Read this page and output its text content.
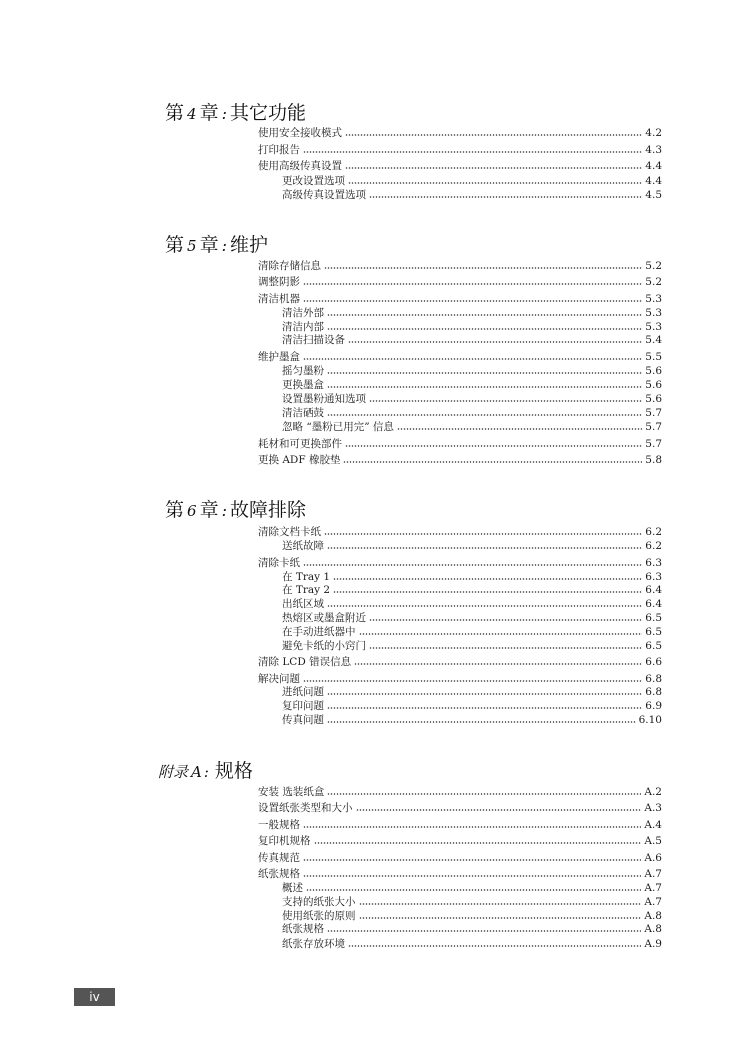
第 4 章 : 其它功能
使用安全接收模式	4.2
打印报告	4.3
使用高级传真设置	4.4
更改设置选项	4.4
高级传真设置选项	4.5
第 5 章 : 维护
清除存储信息	5.2
调整阴影	5.2
清洁机器	5.3
清洁外部	5.3
清洁内部	5.3
清洁扫描设备	5.4
维护墨盒	5.5
摇匀墨粉	5.6
更换墨盒	5.6
设置墨粉通知选项	5.6
清洁硒鼓	5.7
忽略 “墨粉已用完” 信息	5.7
耗材和可更换部件	5.7
更换 ADF 橡胶垫	5.8
第 6 章 : 故障排除
清除文档卡纸	6.2
送纸故障	6.2
清除卡纸	6.3
在 Tray 1	6.3
在 Tray 2	6.4
出纸区域	6.4
热熔区或墨盒附近	6.5
在手动进纸器中	6.5
避免卡纸的小窍门	6.5
清除 LCD 错误信息	6.6
解决问题	6.8
进纸问题	6.8
复印问题	6.9
传真问题	6.10
附录 A : 规格
安装 选装纸盒	A.2
设置纸张类型和大小	A.3
一般规格	A.4
复印机规格	A.5
传真规范	A.6
纸张规格	A.7
概述	A.7
支持的纸张大小	A.7
使用纸张的原则	A.8
纸张规格	A.8
纸张存放环境	A.9
iv
